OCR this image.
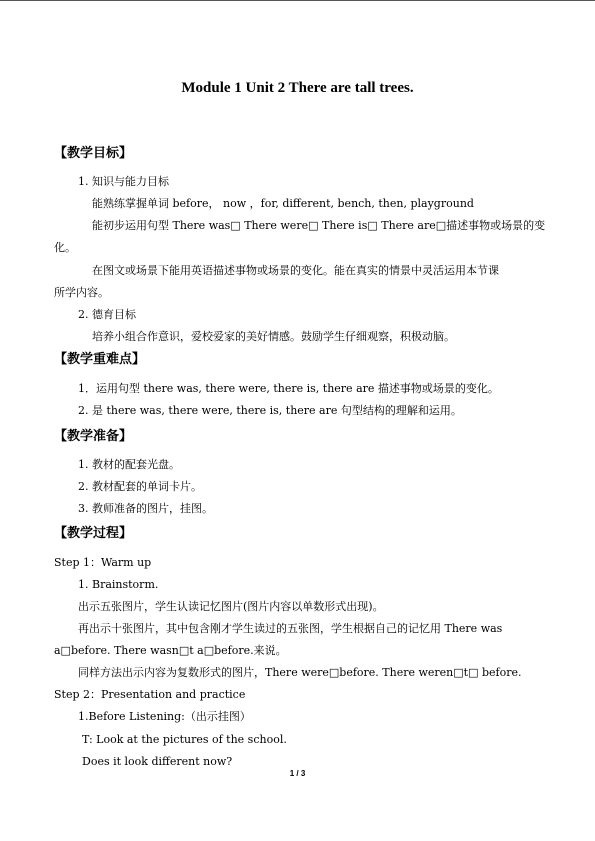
Module 1 Unit 2 There are tall trees.
【教学目标】
1. 知识与能力目标
能熟练掌握单词 before， now ，for, different, bench, then, playground
能初步运用句型 There was□ There were□ There is□ There are□描述事物或场景的变
化。
在图文或场景下能用英语描述事物或场景的变化。能在真实的情景中灵活运用本节课
所学内容。
2. 德育目标
培养小组合作意识，爱校爱家的美好情感。鼓励学生仔细观察，积极动脑。
【教学重难点】
1．运用句型 there was, there were, there is, there are 描述事物或场景的变化。
2. 是 there was, there were, there is, there are 句型结构的理解和运用。
【教学准备】
1. 教材的配套光盘。
2. 教材配套的单词卡片。
3. 教师准备的图片，挂图。
【教学过程】
Step 1：Warm up
1. Brainstorm.
出示五张图片，学生认读记忆图片(图片内容以单数形式出现)。
再出示十张图片，其中包含刚才学生读过的五张图，学生根据自己的记忆用 There was
a□before. There wasn□t a□before.来说。
同样方法出示内容为复数形式的图片，There were□before. There weren□t□ before.
Step 2：Presentation and practice
1.Before Listening:（出示挂图）
T: Look at the pictures of the school.
Does it look different now?
1 / 3
